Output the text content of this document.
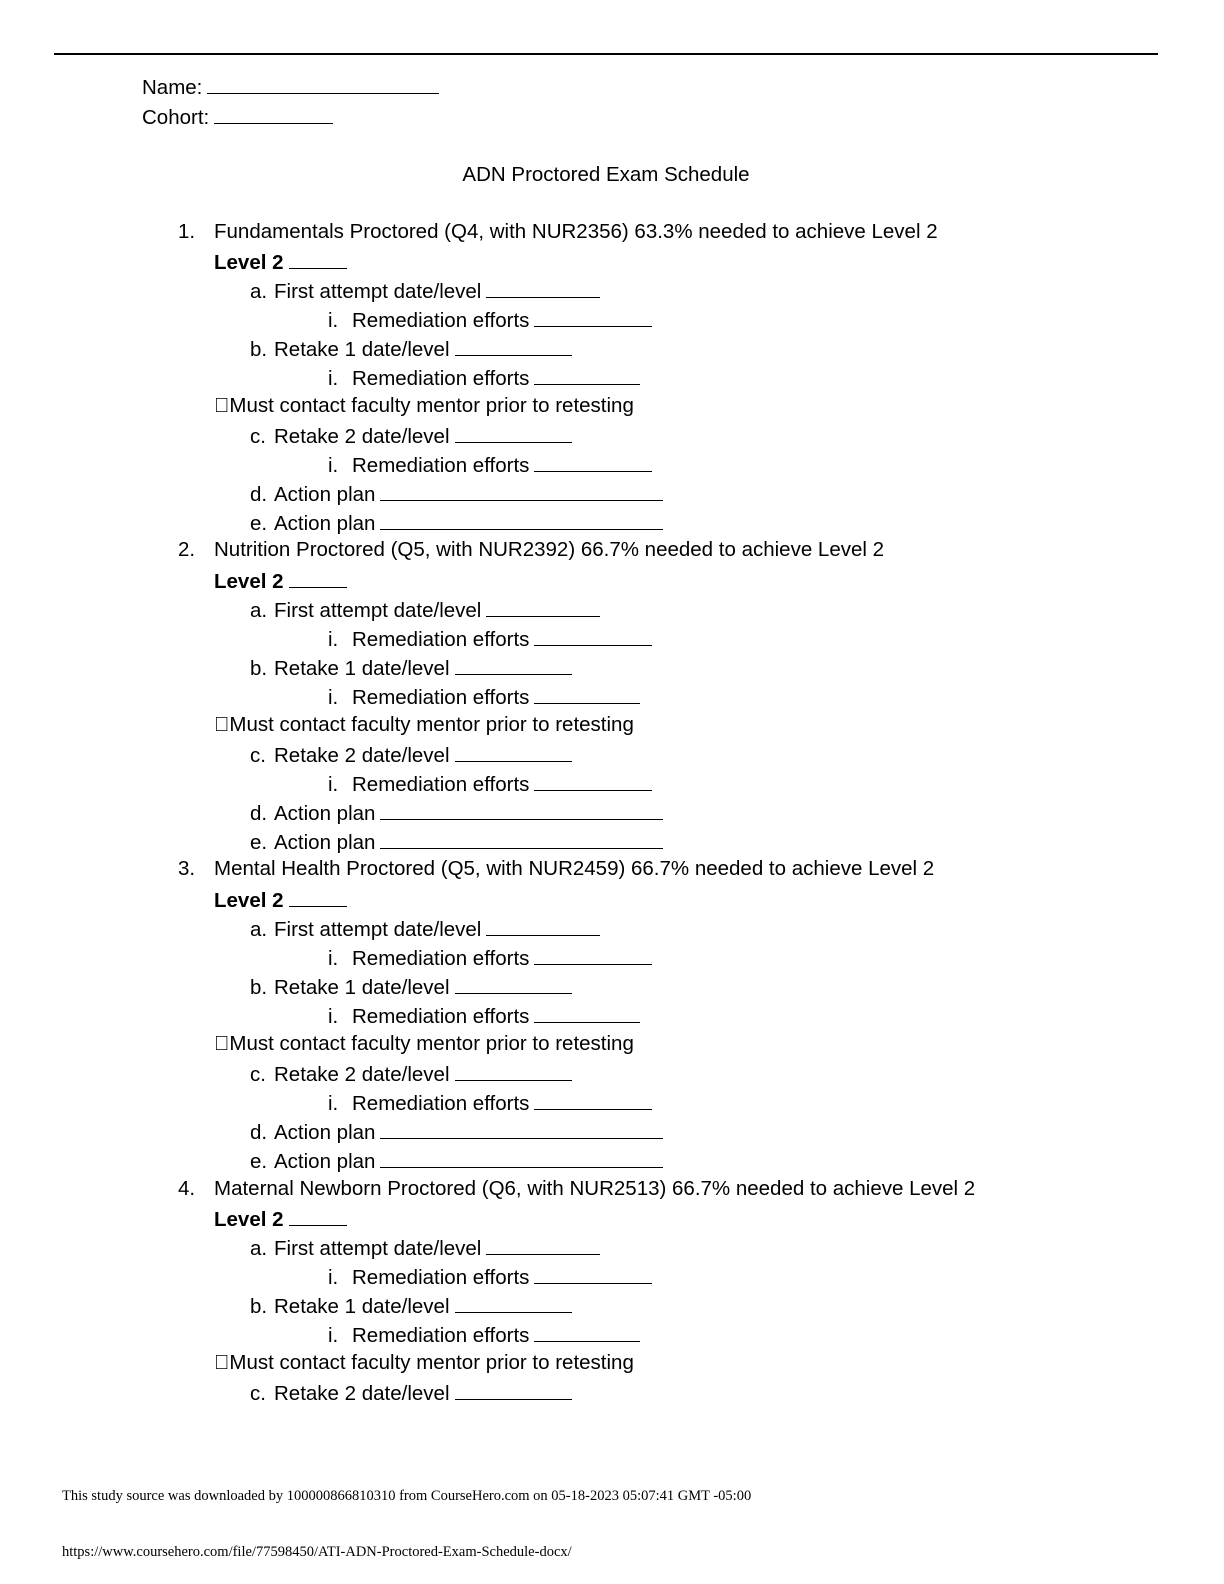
Name:
Cohort:
ADN Proctored Exam Schedule
1. Fundamentals Proctored (Q4, with NUR2356) 63.3% needed to achieve Level 2
Level 2
a. First attempt date/level
i. Remediation efforts
b. Retake 1 date/level
i. Remediation efforts
Must contact faculty mentor prior to retesting
c. Retake 2 date/level
i. Remediation efforts
d. Action plan
e. Action plan
2. Nutrition Proctored (Q5, with NUR2392) 66.7% needed to achieve Level 2
Level 2
a. First attempt date/level
i. Remediation efforts
b. Retake 1 date/level
i. Remediation efforts
Must contact faculty mentor prior to retesting
c. Retake 2 date/level
i. Remediation efforts
d. Action plan
e. Action plan
3. Mental Health Proctored (Q5, with NUR2459) 66.7% needed to achieve Level 2
Level 2
a. First attempt date/level
i. Remediation efforts
b. Retake 1 date/level
i. Remediation efforts
Must contact faculty mentor prior to retesting
c. Retake 2 date/level
i. Remediation efforts
d. Action plan
e. Action plan
4. Maternal Newborn Proctored (Q6, with NUR2513) 66.7% needed to achieve Level 2
Level 2
a. First attempt date/level
i. Remediation efforts
b. Retake 1 date/level
i. Remediation efforts
Must contact faculty mentor prior to retesting
c. Retake 2 date/level
This study source was downloaded by 100000866810310 from CourseHero.com on 05-18-2023 05:07:41 GMT -05:00
https://www.coursehero.com/file/77598450/ATI-ADN-Proctored-Exam-Schedule-docx/
